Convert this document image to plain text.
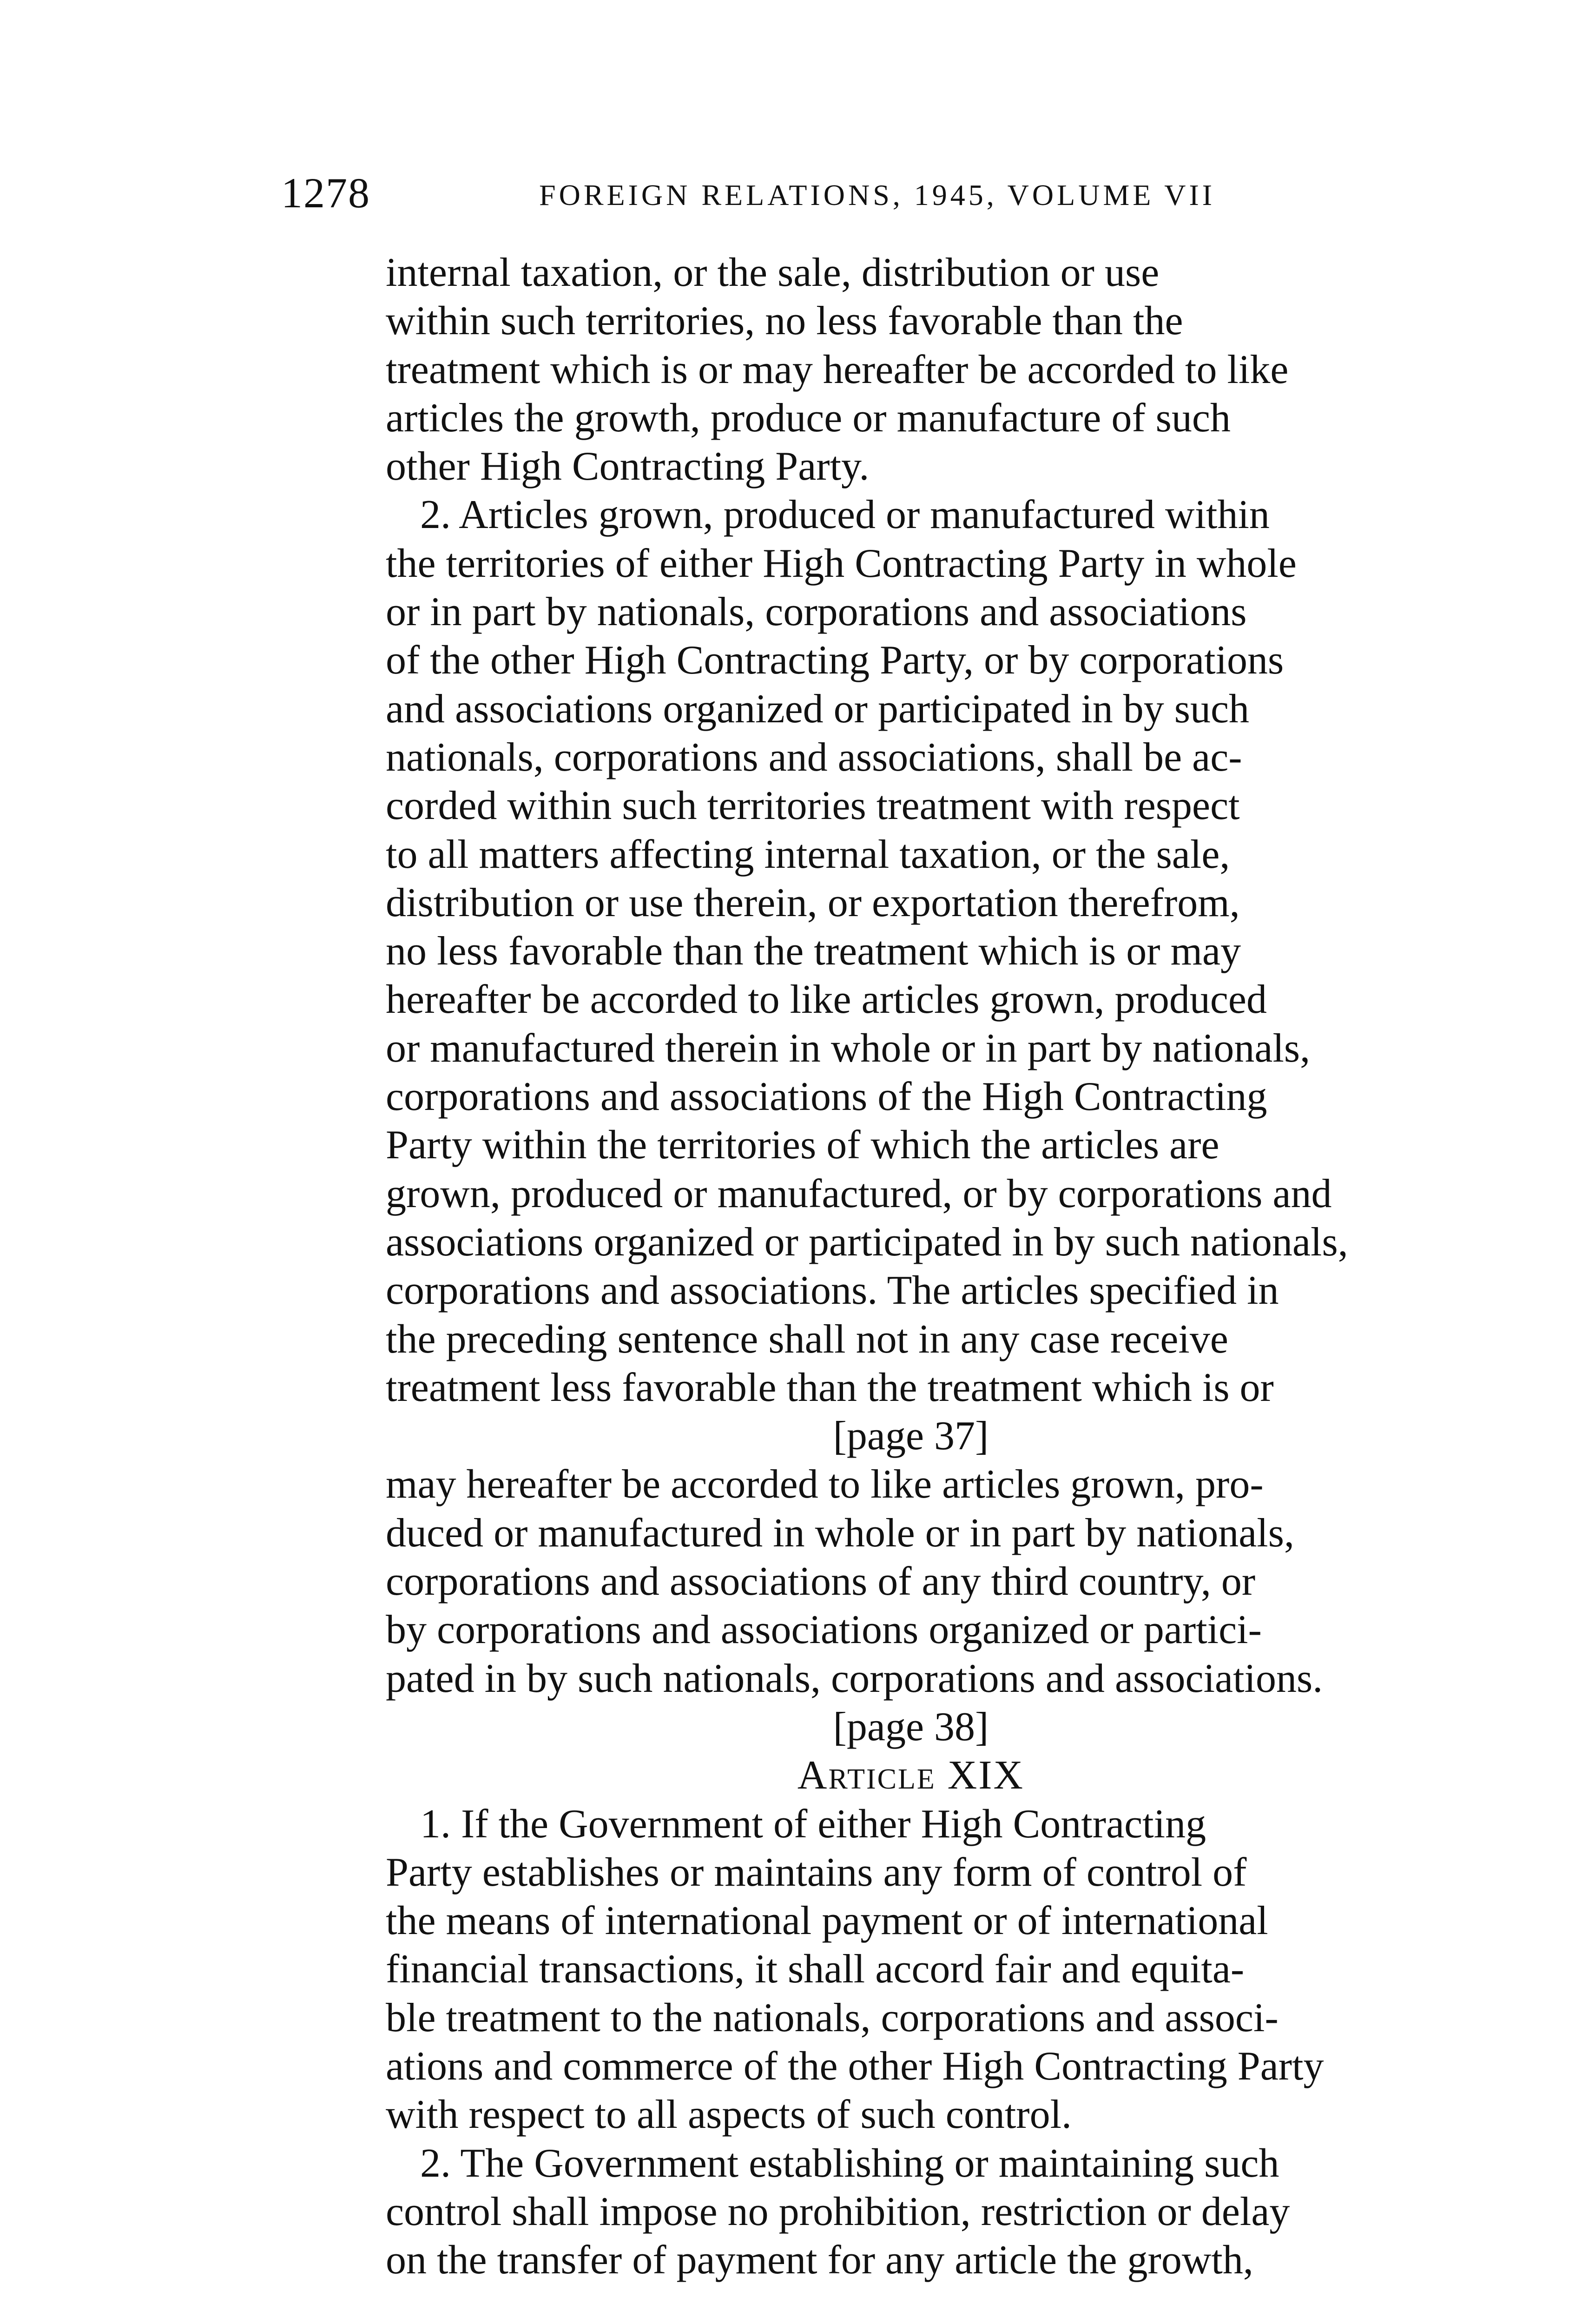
1278	FOREIGN RELATIONS, 1945, VOLUME VII
internal taxation, or the sale, distribution or use
within such territories, no less favorable than the
treatment which is or may hereafter be accorded to like
articles the growth, produce or manufacture of such
other High Contracting Party.
2. Articles grown, produced or manufactured within
the territories of either High Contracting Party in whole
or in part by nationals, corporations and associations
of the other High Contracting Party, or by corporations
and associations organized or participated in by such
nationals, corporations and associations, shall be ac-
corded within such territories treatment with respect
to all matters affecting internal taxation, or the sale,
distribution or use therein, or exportation therefrom,
no less favorable than the treatment which is or may
hereafter be accorded to like articles grown, produced
or manufactured therein in whole or in part by nationals,
corporations and associations of the High Contracting
Party within the territories of which the articles are
grown, produced or manufactured, or by corporations and
associations organized or participated in by such nationals,
corporations and associations. The articles specified in
the preceding sentence shall not in any case receive
treatment less favorable than the treatment which is or
[page 37]
may hereafter be accorded to like articles grown, pro-
duced or manufactured in whole or in part by nationals,
corporations and associations of any third country, or
by corporations and associations organized or partici-
pated in by such nationals, corporations and associations.
[page 38]
Article XIX
1. If the Government of either High Contracting
Party establishes or maintains any form of control of
the means of international payment or of international
financial transactions, it shall accord fair and equita-
ble treatment to the nationals, corporations and associ-
ations and commerce of the other High Contracting Party
with respect to all aspects of such control.
2. The Government establishing or maintaining such
control shall impose no prohibition, restriction or delay
on the transfer of payment for any article the growth,
